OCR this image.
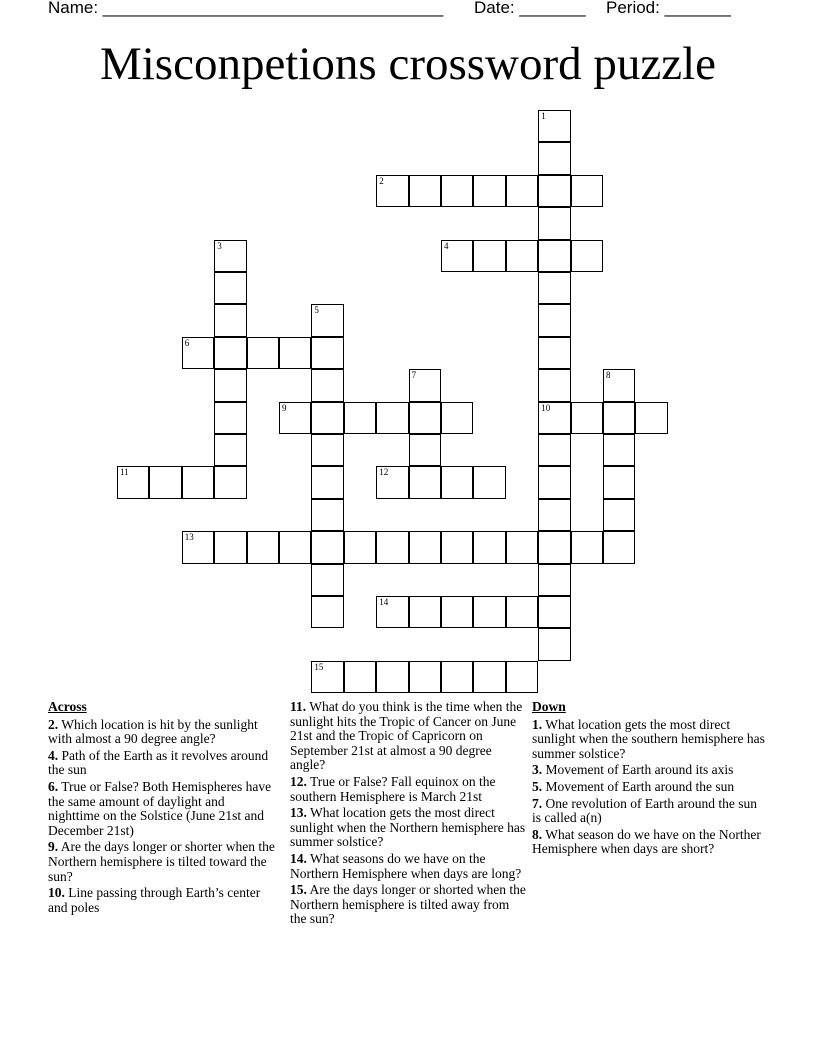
Name: ____________________________________ Date: _______ Period: _______
Misconpetions crossword puzzle
1
10
2
3	4
5
6
7	8
9
11	12
13
14
15
Across
2. Which location is hit by the sunlight with almost a 90 degree angle?
4. Path of the Earth as it revolves around the sun
6. True or False? Both Hemispheres have the same amount of daylight and nighttime on the Solstice (June 21st and December 21st)
9. Are the days longer or shorter when the Northern hemisphere is tilted toward the sun?
10. Line passing through Earth’s center and poles
11. What do you think is the time when the sunlight hits the Tropic of Cancer on June 21st and the Tropic of Capricorn on September 21st at almost a 90 degree angle?
12. True or False? Fall equinox on the southern Hemisphere is March 21st
13. What location gets the most direct sunlight when the Northern hemisphere has summer solstice?
14. What seasons do we have on the Northern Hemisphere when days are long?
15. Are the days longer or shorted when the Northern hemisphere is tilted away from the sun?
Down
1. What location gets the most direct sunlight when the southern hemisphere has summer solstice?
3. Movement of Earth around its axis
5. Movement of Earth around the sun
7. One revolution of Earth around the sun is called a(n)
8. What season do we have on the Norther Hemisphere when days are short?
